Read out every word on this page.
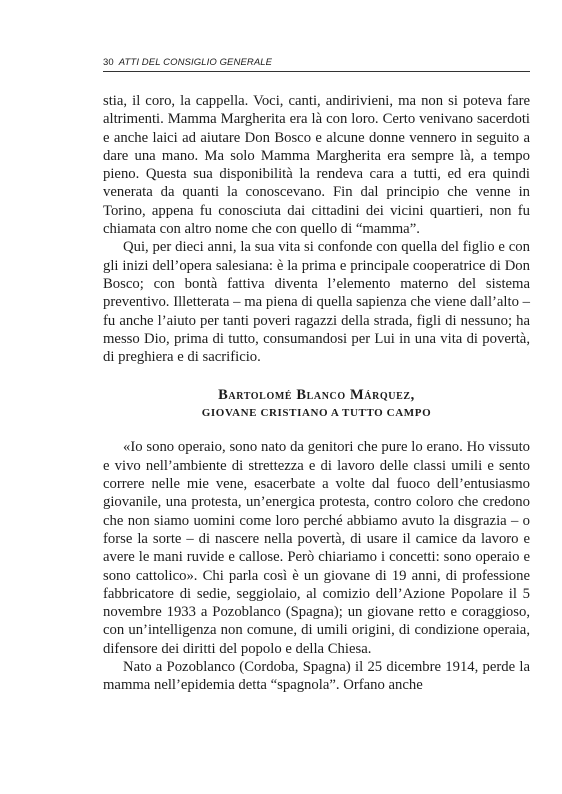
30 ATTI DEL CONSIGLIO GENERALE

stia, il coro, la cappella. Voci, canti, andirivieni, ma non si poteva fare altrimenti. Mamma Margherita era là con loro. Certo venivano sacerdoti e anche laici ad aiutare Don Bosco e alcune donne vennero in seguito a dare una mano. Ma solo Mamma Margherita era sempre là, a tempo pieno. Questa sua disponibilità la rendeva cara a tutti, ed era quindi venerata da quanti la conoscevano. Fin dal principio che venne in Torino, appena fu conosciuta dai cittadini dei vicini quartieri, non fu chiamata con altro nome che con quello di “mamma”.

Qui, per dieci anni, la sua vita si confonde con quella del figlio e con gli inizi dell’opera salesiana: è la prima e principale cooperatrice di Don Bosco; con bontà fattiva diventa l’elemento materno del sistema preventivo. Illetterata – ma piena di quella sapienza che viene dall’alto – fu anche l’aiuto per tanti poveri ragazzi della strada, figli di nessuno; ha messo Dio, prima di tutto, consumandosi per Lui in una vita di povertà, di preghiera e di sacrificio.

Bartolomé Blanco Márquez,
GIOVANE CRISTIANO A TUTTO CAMPO

«Io sono operaio, sono nato da genitori che pure lo erano. Ho vissuto e vivo nell’ambiente di strettezza e di lavoro delle classi umili e sento correre nelle mie vene, esacerbate a volte dal fuoco dell’entusiasmo giovanile, una protesta, un’energica protesta, contro coloro che credono che non siamo uomini come loro perché abbiamo avuto la disgrazia – o forse la sorte – di nascere nella povertà, di usare il camice da lavoro e avere le mani ruvide e callose. Però chiariamo i concetti: sono operaio e sono cattolico». Chi parla così è un giovane di 19 anni, di professione fabbricatore di sedie, seggiolaio, al comizio dell’Azione Popolare il 5 novembre 1933 a Pozoblanco (Spagna); un giovane retto e coraggioso, con un’intelligenza non comune, di umili origini, di condizione operaia, difensore dei diritti del popolo e della Chiesa.

Nato a Pozoblanco (Cordoba, Spagna) il 25 dicembre 1914, perde la mamma nell’epidemia detta “spagnola”. Orfano anche
